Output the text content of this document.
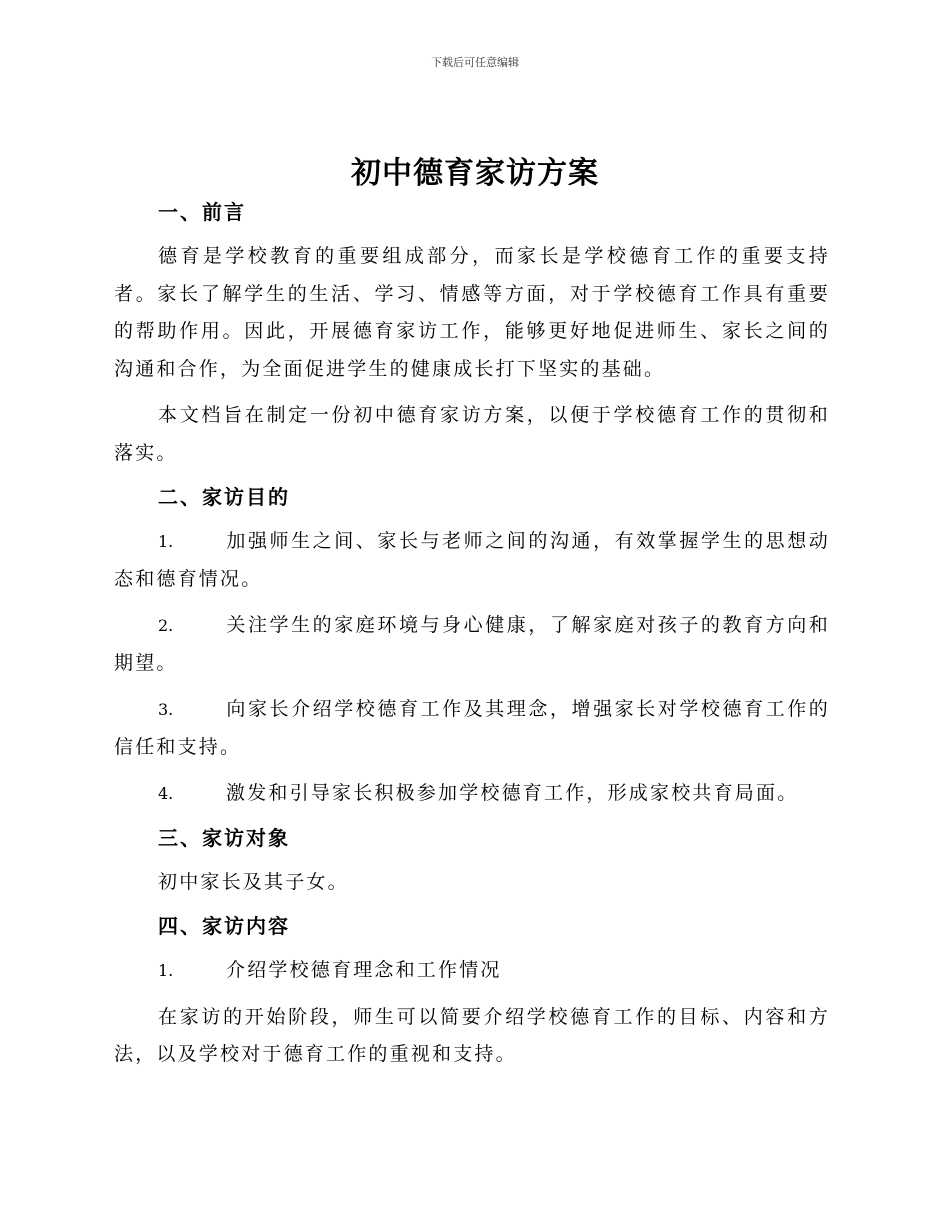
下载后可任意编辑
初中德育家访方案
一、前言

德育是学校教育的重要组成部分，而家长是学校德育工作的重要支持者。家长了解学生的生活、学习、情感等方面，对于学校德育工作具有重要的帮助作用。因此，开展德育家访工作，能够更好地促进师生、家长之间的沟通和合作，为全面促进学生的健康成长打下坚实的基础。

本文档旨在制定一份初中德育家访方案，以便于学校德育工作的贯彻和落实。

二、家访目的

1.	加强师生之间、家长与老师之间的沟通，有效掌握学生的思想动态和德育情况。

2.	关注学生的家庭环境与身心健康，了解家庭对孩子的教育方向和期望。

3.	向家长介绍学校德育工作及其理念，增强家长对学校德育工作的信任和支持。

4.	激发和引导家长积极参加学校德育工作，形成家校共育局面。

三、家访对象

初中家长及其子女。

四、家访内容

1.	介绍学校德育理念和工作情况

在家访的开始阶段，师生可以简要介绍学校德育工作的目标、内容和方法，以及学校对于德育工作的重视和支持。
